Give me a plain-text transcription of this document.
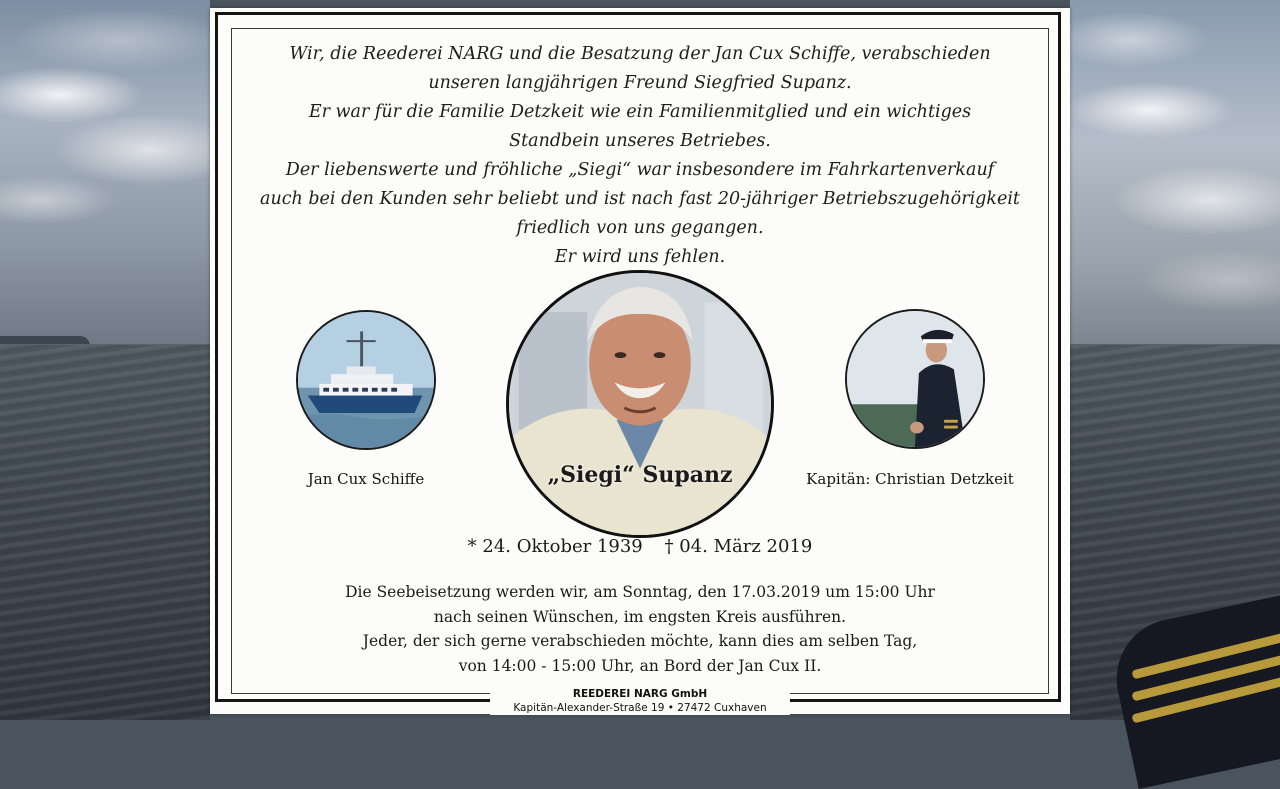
Wir, die Reederei NARG und die Besatzung der Jan Cux Schiffe, verabschieden

unseren langjährigen Freund Siegfried Supanz.

Er war für die Familie Detzkeit wie ein Familienmitglied und ein wichtiges

Standbein unseres Betriebes.

Der liebenswerte und fröhliche „Siegi“ war insbesondere im Fahrkartenverkauf

auch bei den Kunden sehr beliebt und ist nach fast 20-jähriger Betriebszugehörigkeit

friedlich von uns gegangen.

Er wird uns fehlen.

Jan Cux Schiffe	„Siegi“ Supanz	Kapitän: Christian Detzkeit
* 24. Oktober 1939 † 04. März 2019

Die Seebeisetzung werden wir, am Sonntag, den 17.03.2019 um 15:00 Uhr

nach seinen Wünschen, im engsten Kreis ausführen.

Jeder, der sich gerne verabschieden möchte, kann dies am selben Tag,

von 14:00 - 15:00 Uhr, an Bord der Jan Cux II.

REEDEREI NARG GmbH
Kapitän-Alexander-Straße 19 • 27472 Cuxhaven
